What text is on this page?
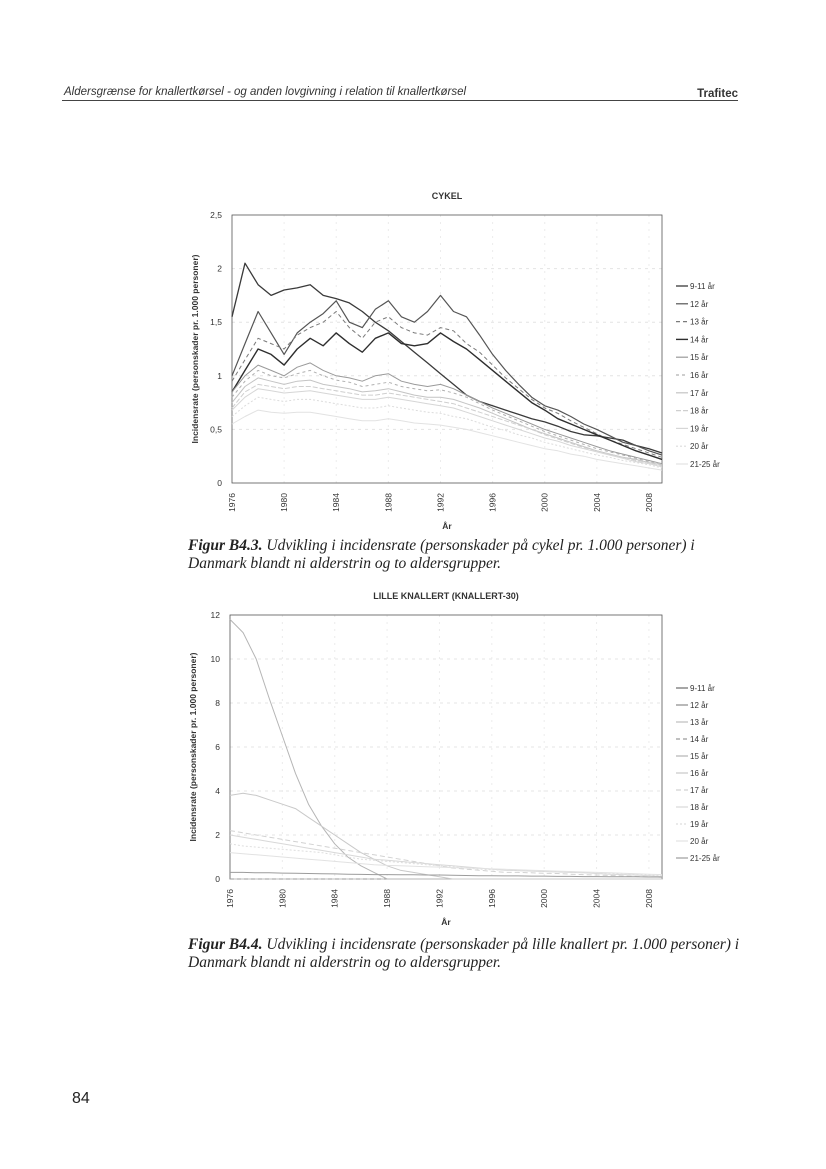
Aldersgrænse for knallertkørsel - og anden lovgivning i relation til knallertkørsel	Trafitec
CYKEL
0
0,5
1
1,5
2
2,5
1976	1980	1984	1988	1992	1996	2000	2004	2008
År
Incidensrate (personskader pr. 1.000 personer)	9-11 år
12 år
13 år
14 år
15 år
16 år
17 år
18 år
19 år
20 år
21-25 år
Figur B4.3. Udvikling i incidensrate (personskader på cykel pr. 1.000 personer) i Danmark blandt ni alderstrin og to aldersgrupper.
LILLE KNALLERT (KNALLERT-30)
0
2
4
6
8
10
12
1976	1980	1984	1988	1992	1996	2000	2004	2008
År
Incidensrate (personskader pr. 1.000 personer)	9-11 år
12 år
13 år
14 år
15 år
16 år
17 år
18 år
19 år
20 år
21-25 år
Figur B4.4. Udvikling i incidensrate (personskader på lille knallert pr. 1.000 personer) i Danmark blandt ni alderstrin og to aldersgrupper.
84
